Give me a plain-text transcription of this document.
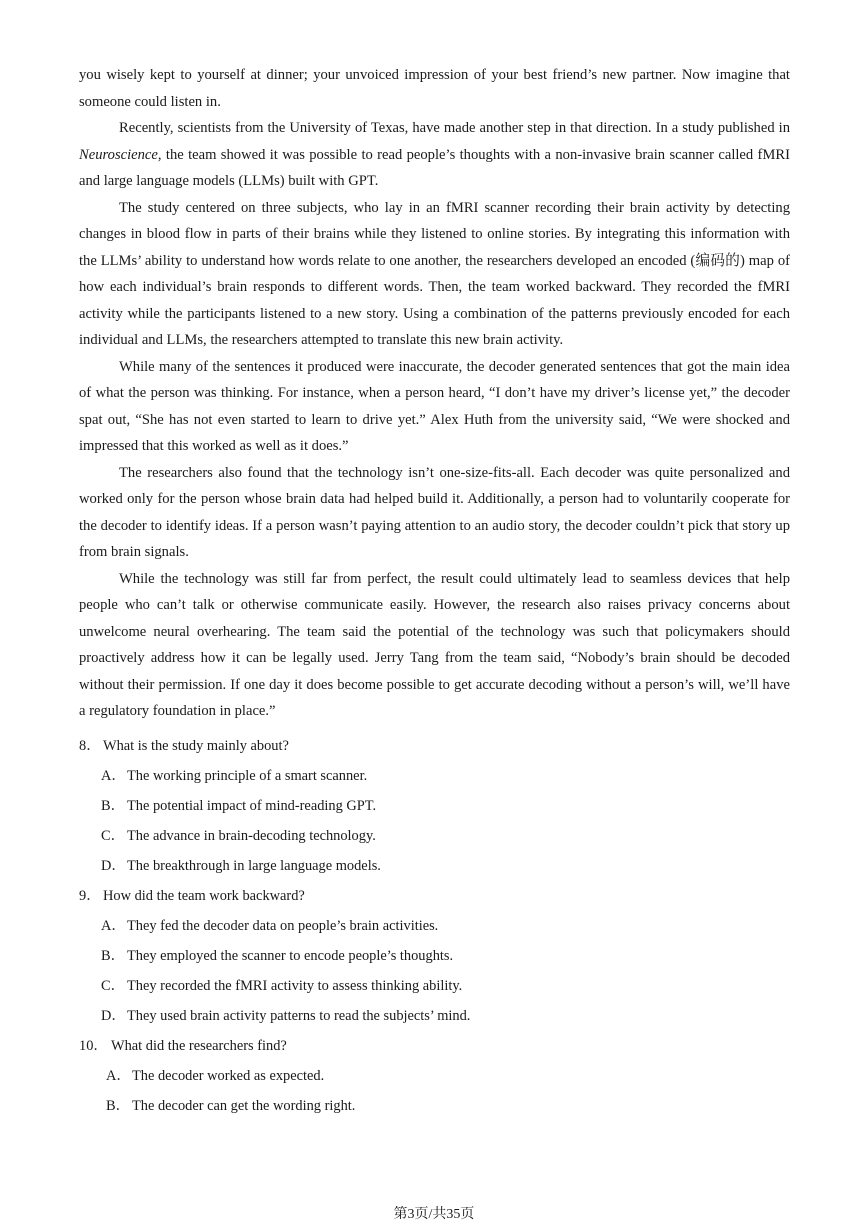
you wisely kept to yourself at dinner; your unvoiced impression of your best friend’s new partner. Now imagine that someone could listen in.

Recently, scientists from the University of Texas, have made another step in that direction. In a study published in Neuroscience, the team showed it was possible to read people’s thoughts with a non-invasive brain scanner called fMRI and large language models (LLMs) built with GPT.

The study centered on three subjects, who lay in an fMRI scanner recording their brain activity by detecting changes in blood flow in parts of their brains while they listened to online stories. By integrating this information with the LLMs’ ability to understand how words relate to one another, the researchers developed an encoded (编码的) map of how each individual’s brain responds to different words. Then, the team worked backward. They recorded the fMRI activity while the participants listened to a new story. Using a combination of the patterns previously encoded for each individual and LLMs, the researchers attempted to translate this new brain activity.

While many of the sentences it produced were inaccurate, the decoder generated sentences that got the main idea of what the person was thinking. For instance, when a person heard, “I don’t have my driver’s license yet,” the decoder spat out, “She has not even started to learn to drive yet.” Alex Huth from the university said, “We were shocked and impressed that this worked as well as it does.”

The researchers also found that the technology isn’t one-size-fits-all. Each decoder was quite personalized and worked only for the person whose brain data had helped build it. Additionally, a person had to voluntarily cooperate for the decoder to identify ideas. If a person wasn’t paying attention to an audio story, the decoder couldn’t pick that story up from brain signals.

While the technology was still far from perfect, the result could ultimately lead to seamless devices that help people who can’t talk or otherwise communicate easily. However, the research also raises privacy concerns about unwelcome neural overhearing. The team said the potential of the technology was such that policymakers should proactively address how it can be legally used. Jerry Tang from the team said, “Nobody’s brain should be decoded without their permission. If one day it does become possible to get accurate decoding without a person’s will, we’ll have a regulatory foundation in place.”

8． What is the study mainly about?
A．The working principle of a smart scanner.
B． The potential impact of mind-reading GPT.
C． The advance in brain-decoding technology.
D．The breakthrough in large language models.
9． How did the team work backward?
A．They fed the decoder data on people’s brain activities.
B． They employed the scanner to encode people’s thoughts.
C． They recorded the fMRI activity to assess thinking ability.
D．They used brain activity patterns to read the subjects’ mind.
10． What did the researchers find?
A．The decoder worked as expected.
B． The decoder can get the wording right.
第3页/共35页
